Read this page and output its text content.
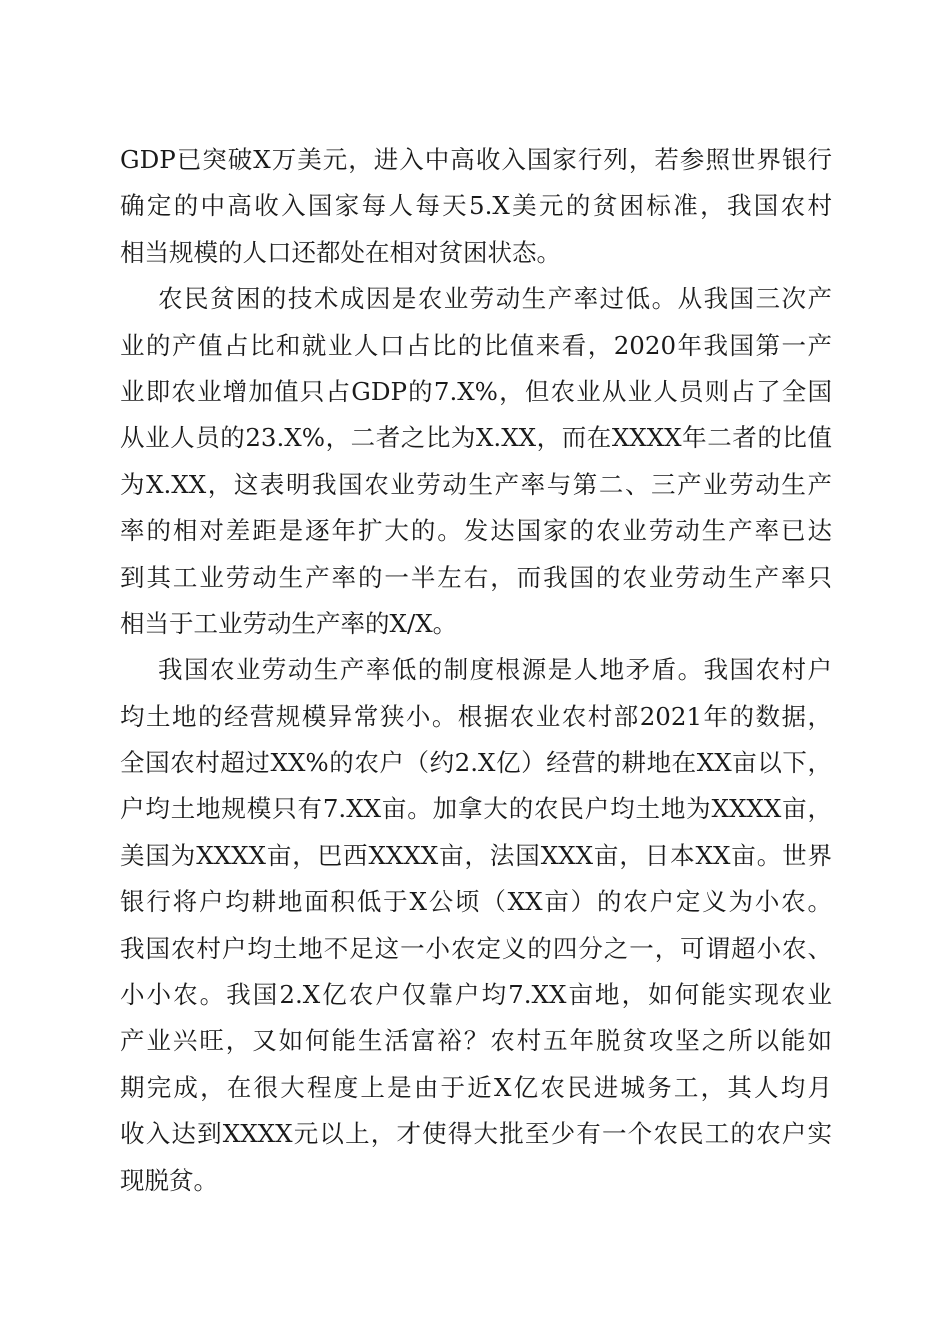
GDP已突破X万美元，进入中高收入国家行列，若参照世界银行
确定的中高收入国家每人每天5.X美元的贫困标准，我国农村
相当规模的人口还都处在相对贫困状态。
农民贫困的技术成因是农业劳动生产率过低。从我国三次产
业的产值占比和就业人口占比的比值来看，2020年我国第一产
业即农业增加值只占GDP的7.X%，但农业从业人员则占了全国
从业人员的23.X%，二者之比为X.XX，而在XXXX年二者的比值
为X.XX，这表明我国农业劳动生产率与第二、三产业劳动生产
率的相对差距是逐年扩大的。发达国家的农业劳动生产率已达
到其工业劳动生产率的一半左右，而我国的农业劳动生产率只
相当于工业劳动生产率的X/X。
我国农业劳动生产率低的制度根源是人地矛盾。我国农村户
均土地的经营规模异常狭小。根据农业农村部2021年的数据，
全国农村超过XX%的农户（约2.X亿）经营的耕地在XX亩以下，
户均土地规模只有7.XX亩。加拿大的农民户均土地为XXXX亩，
美国为XXXX亩，巴西XXXX亩，法国XXX亩，日本XX亩。世界
银行将户均耕地面积低于X公顷（XX亩）的农户定义为小农。
我国农村户均土地不足这一小农定义的四分之一，可谓超小农、
小小农。我国2.X亿农户仅靠户均7.XX亩地，如何能实现农业
产业兴旺，又如何能生活富裕？农村五年脱贫攻坚之所以能如
期完成，在很大程度上是由于近X亿农民进城务工，其人均月
收入达到XXXX元以上，才使得大批至少有一个农民工的农户实
现脱贫。
